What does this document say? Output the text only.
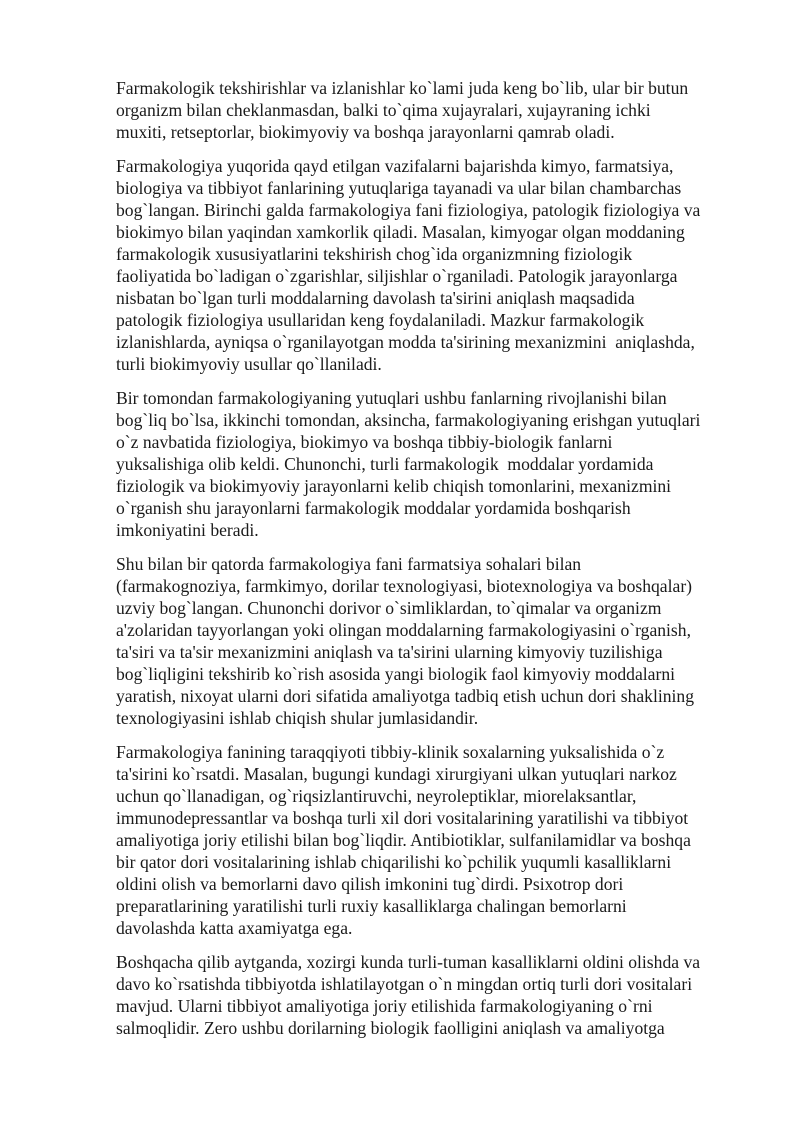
Farmakologik tekshirishlar va izlanishlar ko`lami juda keng bo`lib, ular bir butun
organizm bilan cheklanmasdan, balki to`qima xujayralari, xujayraning ichki
muxiti, retseptorlar, biokimyoviy va boshqa jarayonlarni qamrab oladi.

Farmakologiya yuqorida qayd etilgan vazifalarni bajarishda kimyo, farmatsiya,
biologiya va tibbiyot fanlarining yutuqlariga tayanadi va ular bilan chambarchas
bog`langan. Birinchi galda farmakologiya fani fiziologiya, patologik fiziologiya va
biokimyo bilan yaqindan xamkorlik qiladi. Masalan, kimyogar olgan moddaning
farmakologik xususiyatlarini tekshirish chog`ida organizmning fiziologik
faoliyatida bo`ladigan o`zgarishlar, siljishlar o`rganiladi. Patologik jarayonlarga
nisbatan bo`lgan turli moddalarning davolash ta'sirini aniqlash maqsadida
patologik fiziologiya usullaridan keng foydalaniladi. Mazkur farmakologik
izlanishlarda, ayniqsa o`rganilayotgan modda ta'sirining mexanizmini  aniqlashda,
turli biokimyoviy usullar qo`llaniladi.

Bir tomondan farmakologiyaning yutuqlari ushbu fanlarning rivojlanishi bilan
bog`liq bo`lsa, ikkinchi tomondan, aksincha, farmakologiyaning erishgan yutuqlari
o`z navbatida fiziologiya, biokimyo va boshqa tibbiy-biologik fanlarni
yuksalishiga olib keldi. Chunonchi, turli farmakologik  moddalar yordamida
fiziologik va biokimyoviy jarayonlarni kelib chiqish tomonlarini, mexanizmini
o`rganish shu jarayonlarni farmakologik moddalar yordamida boshqarish
imkoniyatini beradi.

Shu bilan bir qatorda farmakologiya fani farmatsiya sohalari bilan
(farmakognoziya, farmkimyo, dorilar texnologiyasi, biotexnologiya va boshqalar)
uzviy bog`langan. Chunonchi dorivor o`simliklardan, to`qimalar va organizm
a'zolaridan tayyorlangan yoki olingan moddalarning farmakologiyasini o`rganish,
ta'siri va ta'sir mexanizmini aniqlash va ta'sirini ularning kimyoviy tuzilishiga
bog`liqligini tekshirib ko`rish asosida yangi biologik faol kimyoviy moddalarni
yaratish, nixoyat ularni dori sifatida amaliyotga tadbiq etish uchun dori shaklining
texnologiyasini ishlab chiqish shular jumlasidandir.

Farmakologiya fanining taraqqiyoti tibbiy-klinik soxalarning yuksalishida o`z
ta'sirini ko`rsatdi. Masalan, bugungi kundagi xirurgiyani ulkan yutuqlari narkoz
uchun qo`llanadigan, og`riqsizlantiruvchi, neyroleptiklar, miorelaksantlar,
immunodepressantlar va boshqa turli xil dori vositalarining yaratilishi va tibbiyot
amaliyotiga joriy etilishi bilan bog`liqdir. Antibiotiklar, sulfanilamidlar va boshqa
bir qator dori vositalarining ishlab chiqarilishi ko`pchilik yuqumli kasalliklarni
oldini olish va bemorlarni davo qilish imkonini tug`dirdi. Psixotrop dori
preparatlarining yaratilishi turli ruxiy kasalliklarga chalingan bemorlarni
davolashda katta axamiyatga ega.

Boshqacha qilib aytganda, xozirgi kunda turli-tuman kasalliklarni oldini olishda va
davo ko`rsatishda tibbiyotda ishlatilayotgan o`n mingdan ortiq turli dori vositalari
mavjud. Ularni tibbiyot amaliyotiga joriy etilishida farmakologiyaning o`rni
salmoqlidir. Zero ushbu dorilarning biologik faolligini aniqlash va amaliyotga
